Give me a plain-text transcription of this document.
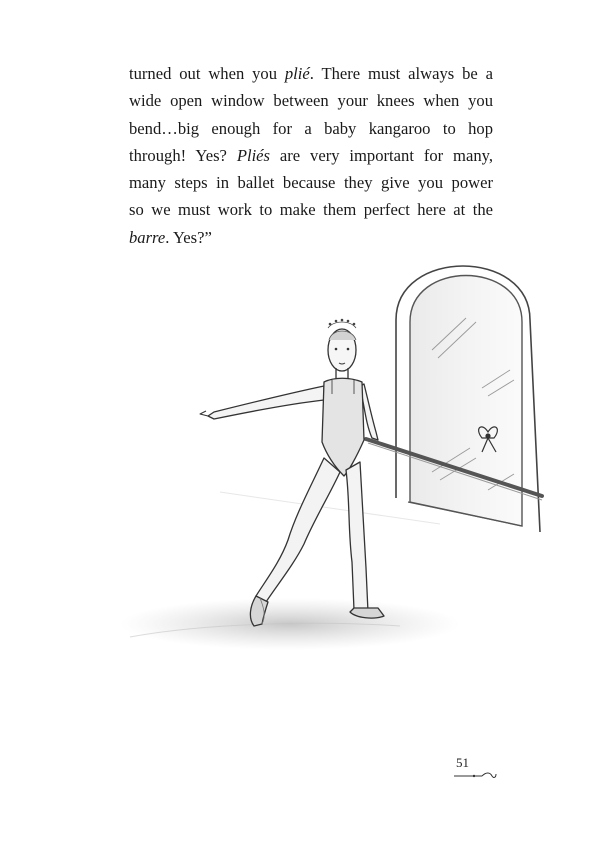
turned out when you plié. There must always be a
wide open window between your knees when you
bend…big enough for a baby kangaroo to hop
through! Yes? Pliés are very important for many,
many steps in ballet because they give you power
so we must work to make them perfect here at the
barre. Yes?”
51
